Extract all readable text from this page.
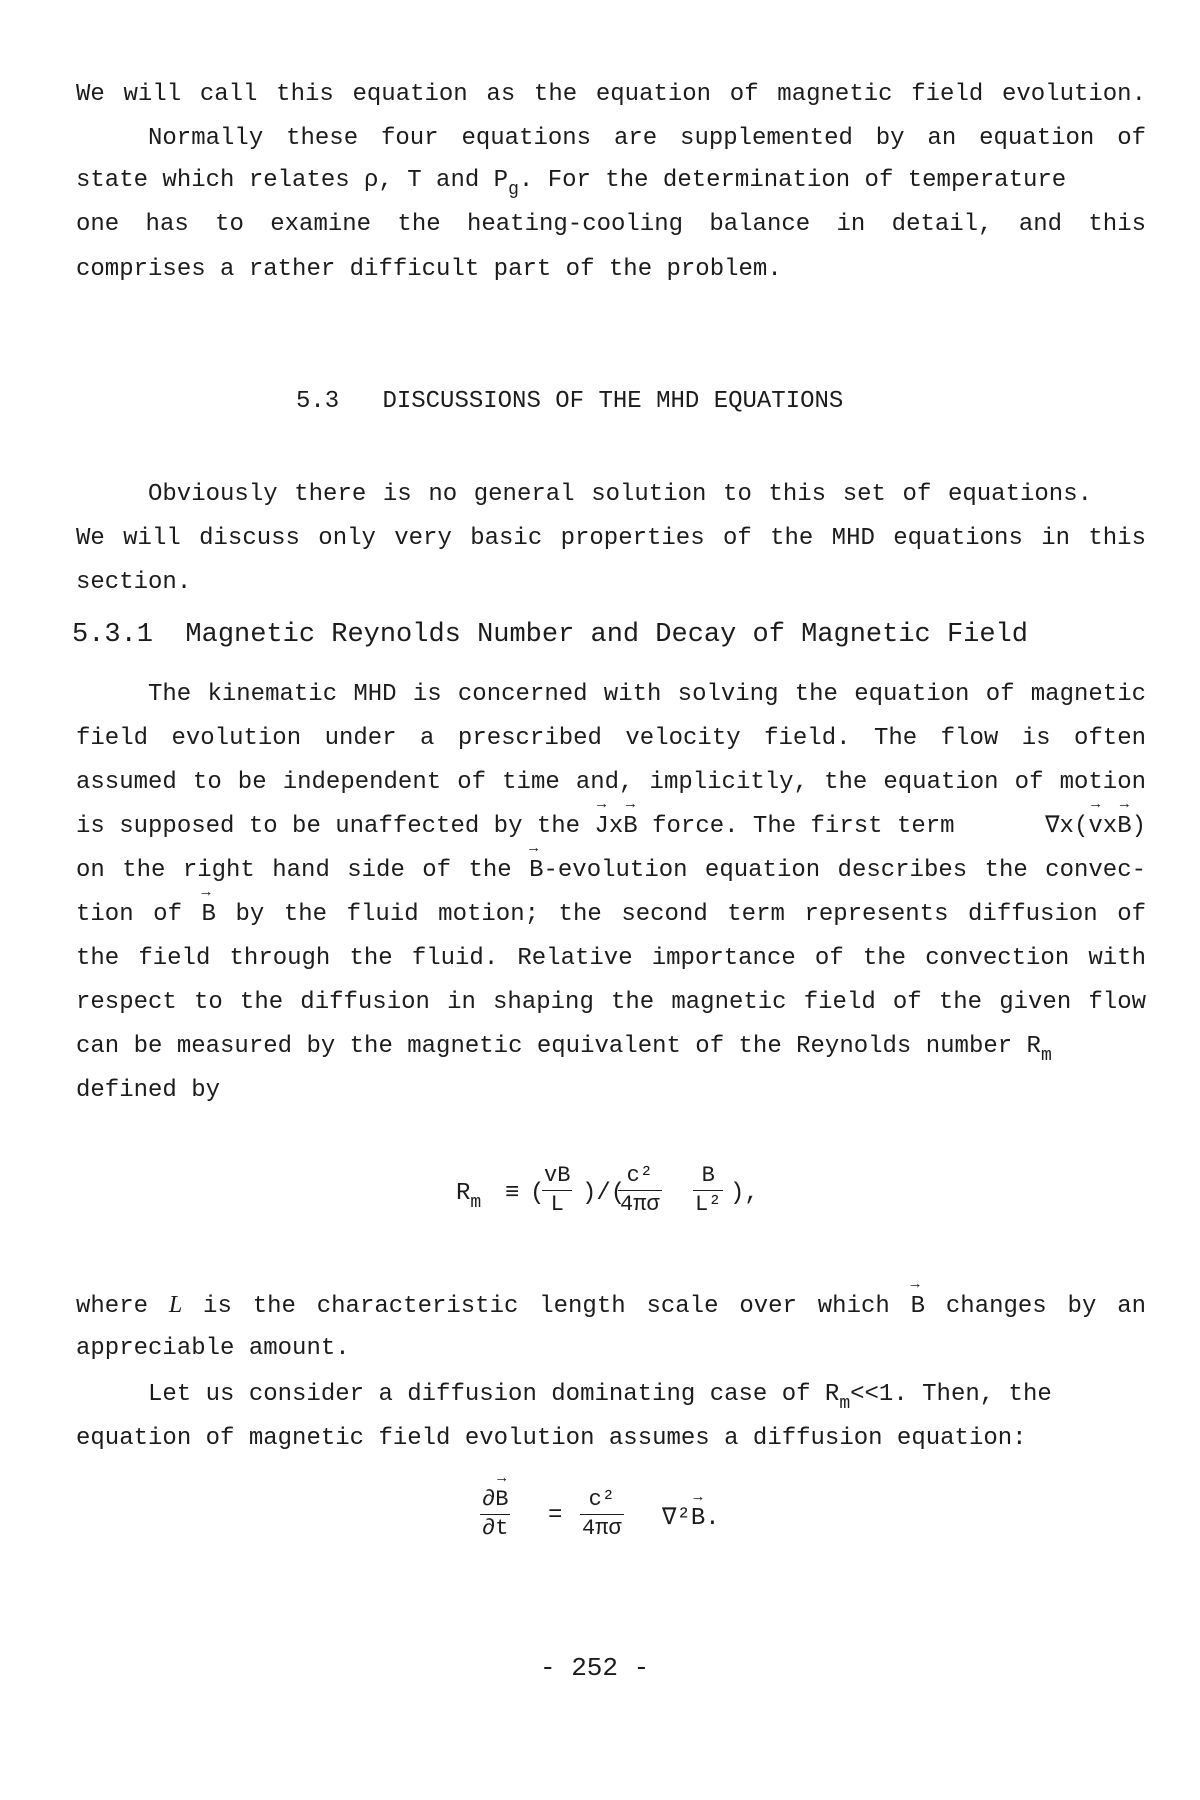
We will call this equation as the equation of magnetic field evolution.
Normally these four equations are supplemented by an equation of
state which relates ρ, T and $P_g$. For the determination of temperature
one has to examine the heating-cooling balance in detail, and this
comprises a rather difficult part of the problem.
5.3 DISCUSSIONS OF THE MHD EQUATIONS
Obviously there is no general solution to this set of equations.
We will discuss only very basic properties of the MHD equations in this
section.
5.3.1 Magnetic Reynolds Number and Decay of Magnetic Field
The kinematic MHD is concerned with solving the equation of magnetic
field evolution under a prescribed velocity field. The flow is often
assumed to be independent of time and, implicitly, the equation of motion
is supposed to be unaffected by the → Jx→ B force. The first term	∇x(→ vx→ B)
on the right hand side of the → B-evolution equation describes the convec-
tion of → B by the fluid motion; the second term represents diffusion of
the field through the fluid. Relative importance of the convection with
respect to the diffusion in shaping the magnetic field of the given flow
can be measured by the magnetic equivalent of the Reynolds number $R_m$
defined by
$R_m$ ≡ (
vB
L )/(
c²
4πσ
B
L² ),
where L is the characteristic length scale over which → B changes by an
appreciable amount.
Let us consider a diffusion dominating case of $R_m<<1$. Then, the
equation of magnetic field evolution assumes a diffusion equation:
∂→ B
∂t =
c²
4πσ ∇²→ B.
- 252 -
